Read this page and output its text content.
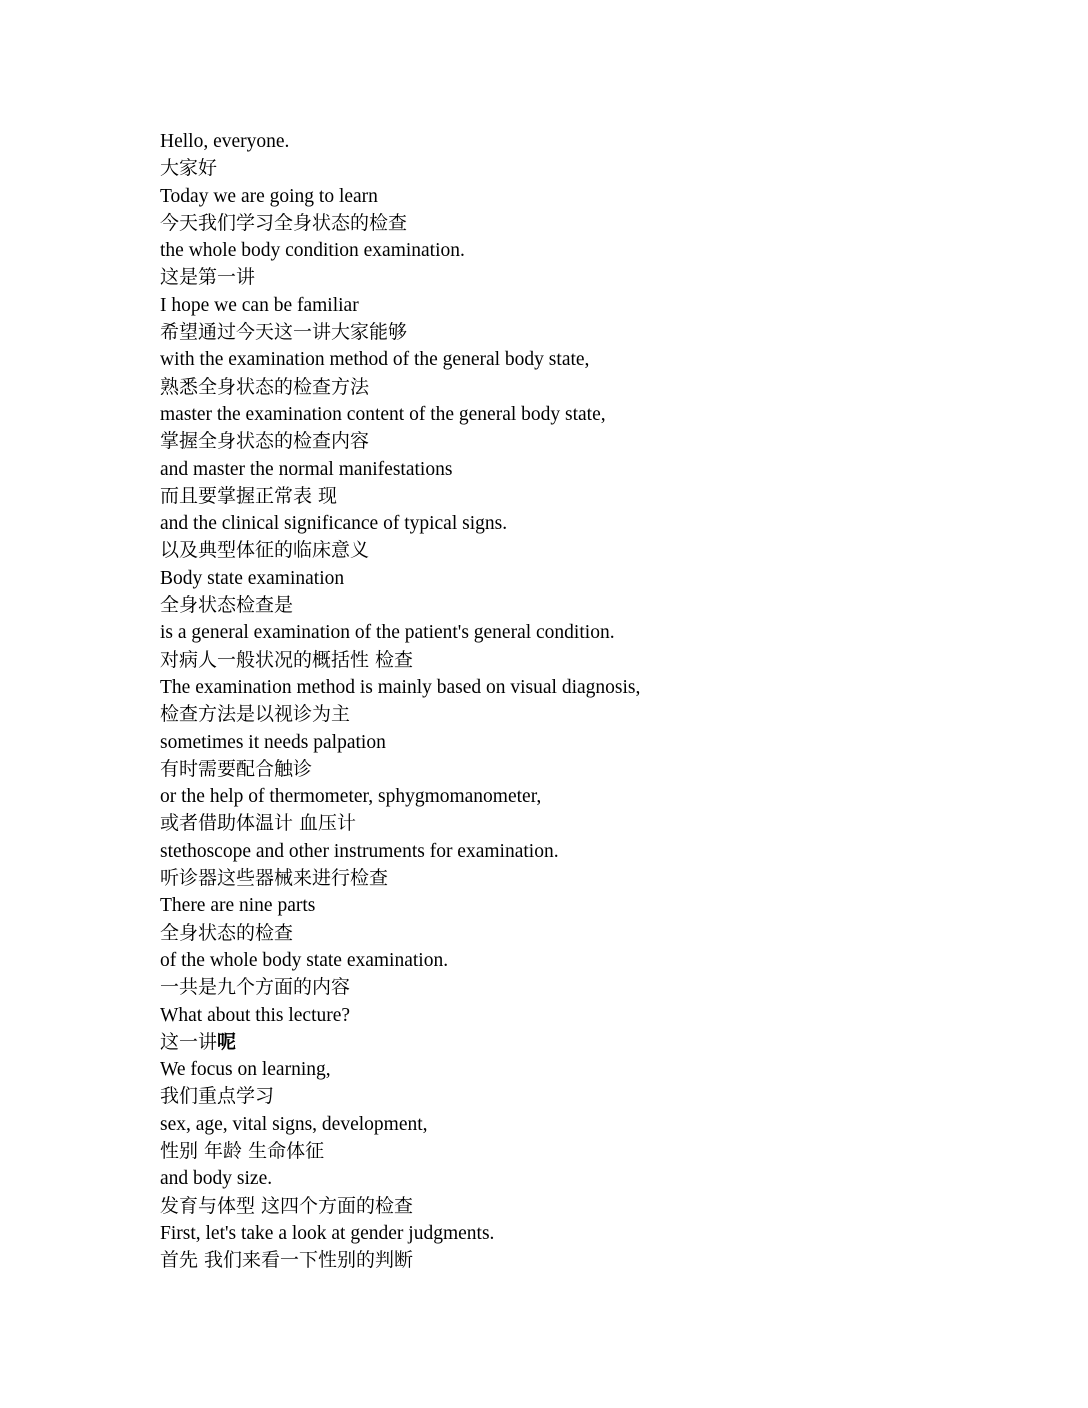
Hello, everyone.
大家好
Today we are going to learn
今天我们学习全身状态的检查
the whole body condition examination.
这是第一讲
I hope we can be familiar
希望通过今天这一讲大家能够
with the examination method of the general body state,
熟悉全身状态的检查方法
master the examination content of the general body state,
掌握全身状态的检查内容
and master the normal manifestations
而且要掌握正常表 现
and the clinical significance of typical signs.
以及典型体征的临床意义
Body state examination
全身状态检查是
is a general examination of the patient's general condition.
对病人一般状况的概括性 检查
The examination method is mainly based on visual diagnosis,
检查方法是以视诊为主
sometimes it needs palpation
有时需要配合触诊
or the help of thermometer, sphygmomanometer,
或者借助体温计 血压计
stethoscope and other instruments for examination.
听诊器这些器械来进行检查
There are nine parts
全身状态的检查
of the whole body state examination.
一共是九个方面的内容
What about this lecture?
这一讲呢
We focus on learning,
我们重点学习
sex, age, vital signs, development,
性别 年龄 生命体征
and body size.
发育与体型 这四个方面的检查
First, let's take a look at gender judgments.
首先 我们来看一下性别的判断
